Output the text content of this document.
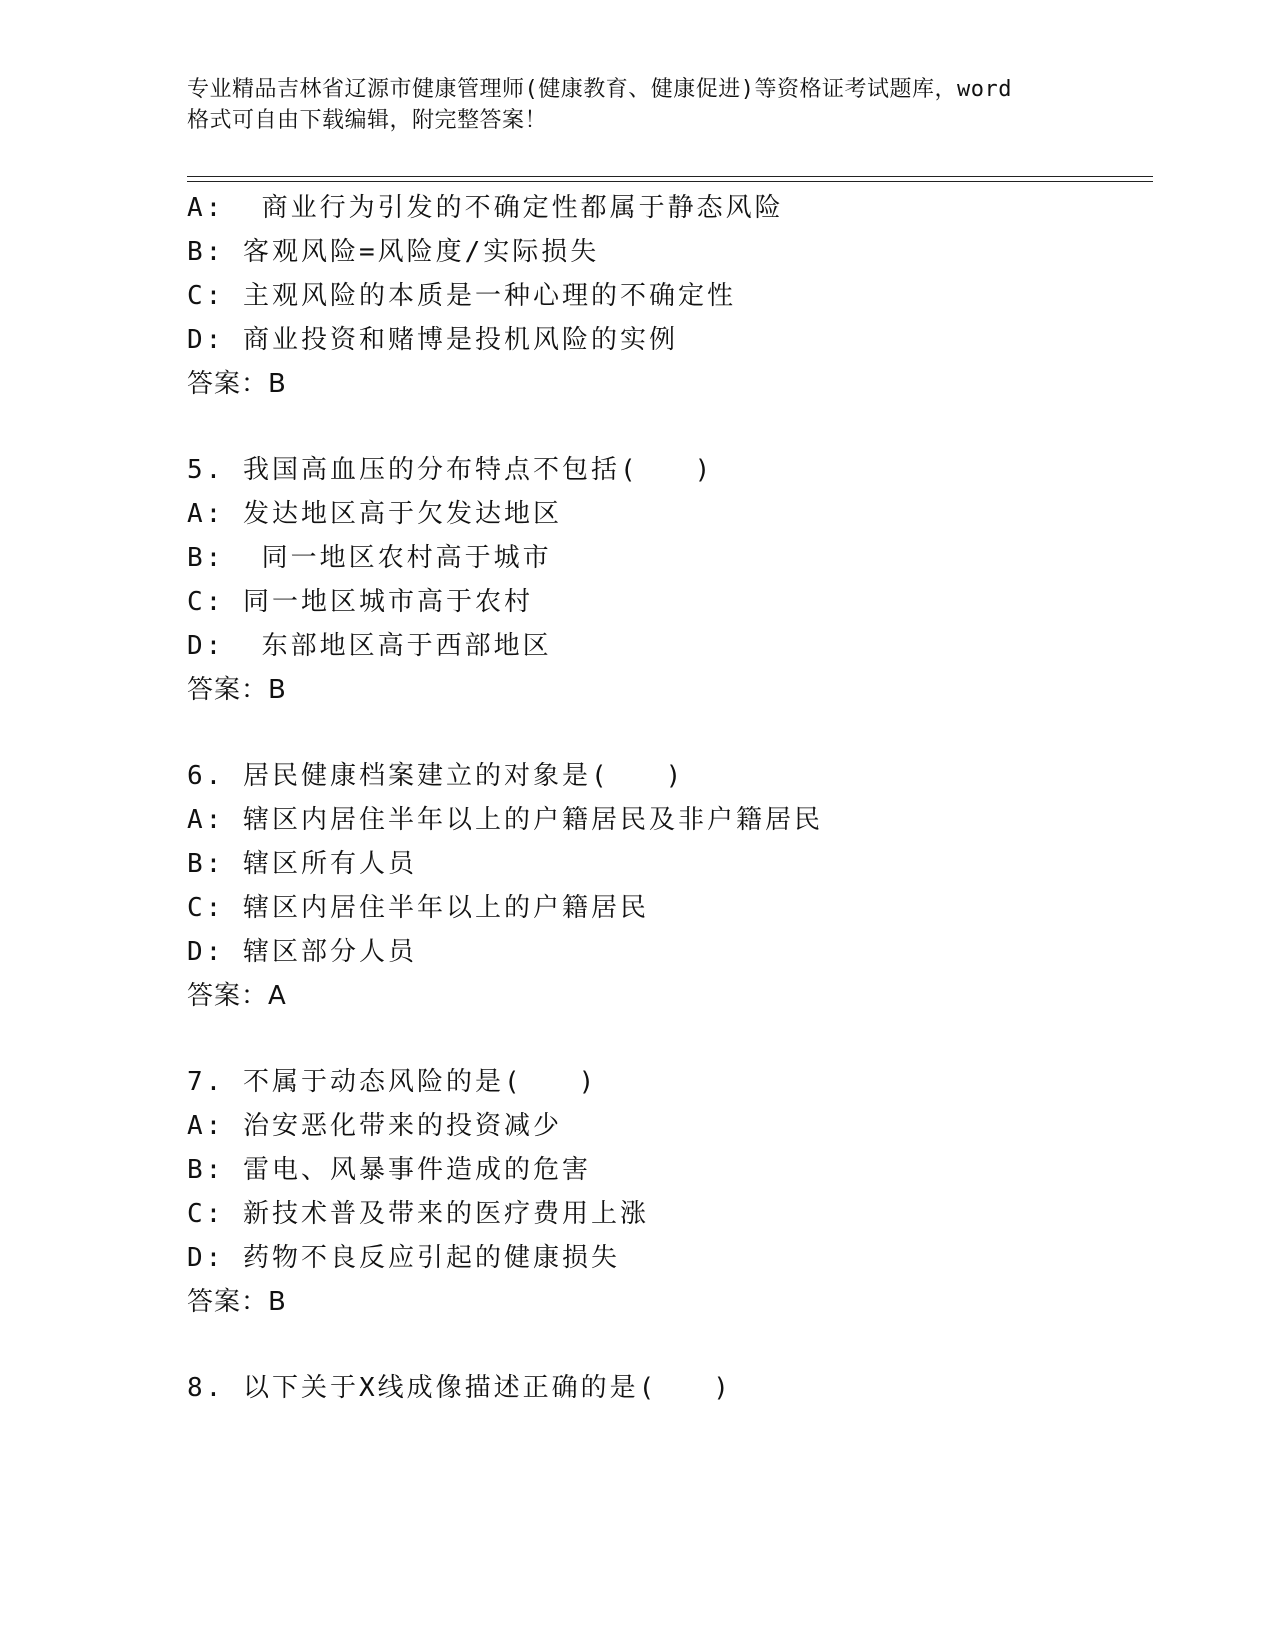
专业精品吉林省辽源市健康管理师(健康教育、健康促进)等资格证考试题库，word
格式可自由下载编辑，附完整答案！

A:  商业行为引发的不确定性都属于静态风险
B: 客观风险=风险度/实际损失
C: 主观风险的本质是一种心理的不确定性
D: 商业投资和赌博是投机风险的实例
答案：B
5. 我国高血压的分布特点不包括(   )
A: 发达地区高于欠发达地区
B:  同一地区农村高于城市
C: 同一地区城市高于农村
D:  东部地区高于西部地区
答案：B
6. 居民健康档案建立的对象是(   )
A: 辖区内居住半年以上的户籍居民及非户籍居民
B: 辖区所有人员
C: 辖区内居住半年以上的户籍居民
D: 辖区部分人员
答案：A
7. 不属于动态风险的是(   )
A: 治安恶化带来的投资减少
B: 雷电、风暴事件造成的危害
C: 新技术普及带来的医疗费用上涨
D: 药物不良反应引起的健康损失
答案：B
8. 以下关于X线成像描述正确的是(   )
